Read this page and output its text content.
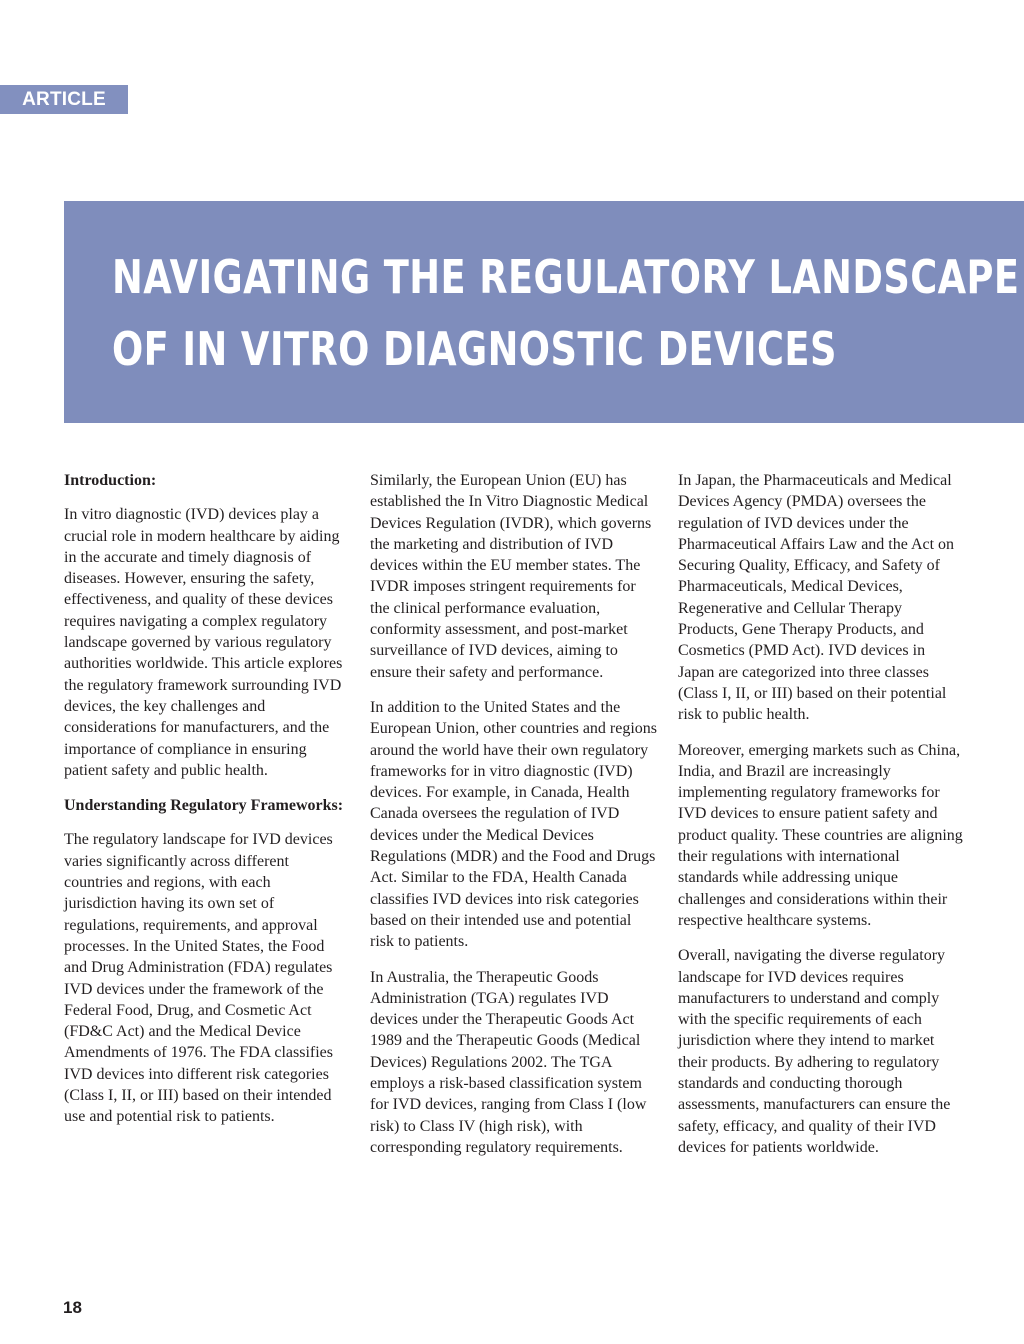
ARTICLE
NAVIGATING THE REGULATORY LANDSCAPE
OF IN VITRO DIAGNOSTIC DEVICES
Introduction:

In vitro diagnostic (IVD) devices play a crucial role in modern healthcare by aiding in the accurate and timely diagnosis of diseases. However, ensuring the safety, effectiveness, and quality of these devices requires navigating a complex regulatory landscape governed by various regulatory authorities worldwide. This article explores the regulatory framework surrounding IVD devices, the key challenges and considerations for manufacturers, and the importance of compliance in ensuring patient safety and public health.

Understanding Regulatory Frameworks:

The regulatory landscape for IVD devices varies significantly across different countries and regions, with each jurisdiction having its own set of regulations, requirements, and approval processes. In the United States, the Food and Drug Administration (FDA) regulates IVD devices under the framework of the Federal Food, Drug, and Cosmetic Act (FD&C Act) and the Medical Device Amendments of 1976. The FDA classifies IVD devices into different risk categories (Class I, II, or III) based on their intended use and potential risk to patients.

Similarly, the European Union (EU) has established the In Vitro Diagnostic Medical Devices Regulation (IVDR), which governs the marketing and distribution of IVD devices within the EU member states. The IVDR imposes stringent requirements for the clinical performance evaluation, conformity assessment, and post-market surveillance of IVD devices, aiming to ensure their safety and performance.

In addition to the United States and the European Union, other countries and regions around the world have their own regulatory frameworks for in vitro diagnostic (IVD) devices. For example, in Canada, Health Canada oversees the regulation of IVD devices under the Medical Devices Regulations (MDR) and the Food and Drugs Act. Similar to the FDA, Health Canada classifies IVD devices into risk categories based on their intended use and potential risk to patients.

In Australia, the Therapeutic Goods Administration (TGA) regulates IVD devices under the Therapeutic Goods Act 1989 and the Therapeutic Goods (Medical Devices) Regulations 2002. The TGA employs a risk-based classification system for IVD devices, ranging from Class I (low risk) to Class IV (high risk), with corresponding regulatory requirements.

In Japan, the Pharmaceuticals and Medical Devices Agency (PMDA) oversees the regulation of IVD devices under the Pharmaceutical Affairs Law and the Act on Securing Quality, Efficacy, and Safety of Pharmaceuticals, Medical Devices, Regenerative and Cellular Therapy Products, Gene Therapy Products, and Cosmetics (PMD Act). IVD devices in Japan are categorized into three classes (Class I, II, or III) based on their potential risk to public health.

Moreover, emerging markets such as China, India, and Brazil are increasingly implementing regulatory frameworks for IVD devices to ensure patient safety and product quality. These countries are aligning their regulations with international standards while addressing unique challenges and considerations within their respective healthcare systems.

Overall, navigating the diverse regulatory landscape for IVD devices requires manufacturers to understand and comply with the specific requirements of each jurisdiction where they intend to market their products. By adhering to regulatory standards and conducting thorough assessments, manufacturers can ensure the safety, efficacy, and quality of their IVD devices for patients worldwide.

18
